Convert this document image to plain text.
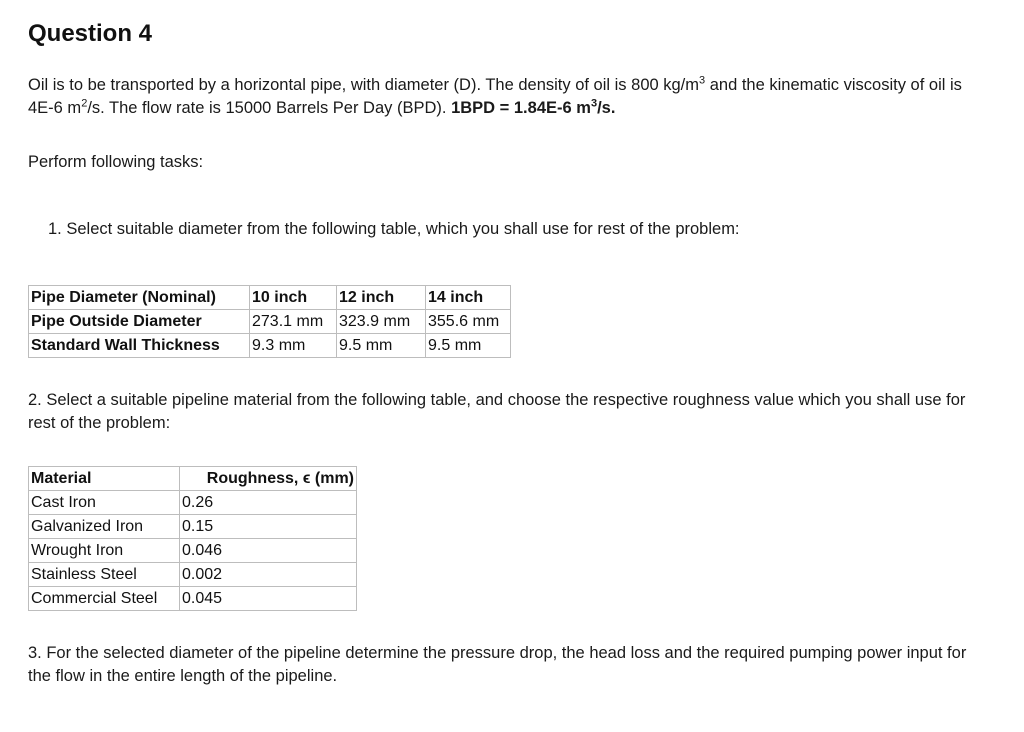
Question 4
Oil is to be transported by a horizontal pipe, with diameter (D). The density of oil is 800 $kg/m^3$ and the kinematic viscosity of oil is 4E-6 $m^2/s$. The flow rate is 15000 Barrels Per Day (BPD). 1BPD = 1.84E-6 $m^3/s$.
Perform following tasks:
1. Select suitable diameter from the following table, which you shall use for rest of the problem:
Pipe Diameter (Nominal)	10 inch	12 inch	14 inch
Pipe Outside Diameter	273.1 mm	323.9 mm	355.6 mm
Standard Wall Thickness	9.3 mm	9.5 mm	9.5 mm
2. Select a suitable pipeline material from the following table, and choose the respective roughness value which you shall use for rest of the problem:
Material	Roughness, ϵ (mm)
Cast Iron	0.26
Galvanized Iron	0.15
Wrought Iron	0.046
Stainless Steel	0.002
Commercial Steel	0.045
3. For the selected diameter of the pipeline determine the pressure drop, the head loss and the required pumping power input for the flow in the entire length of the pipeline.
